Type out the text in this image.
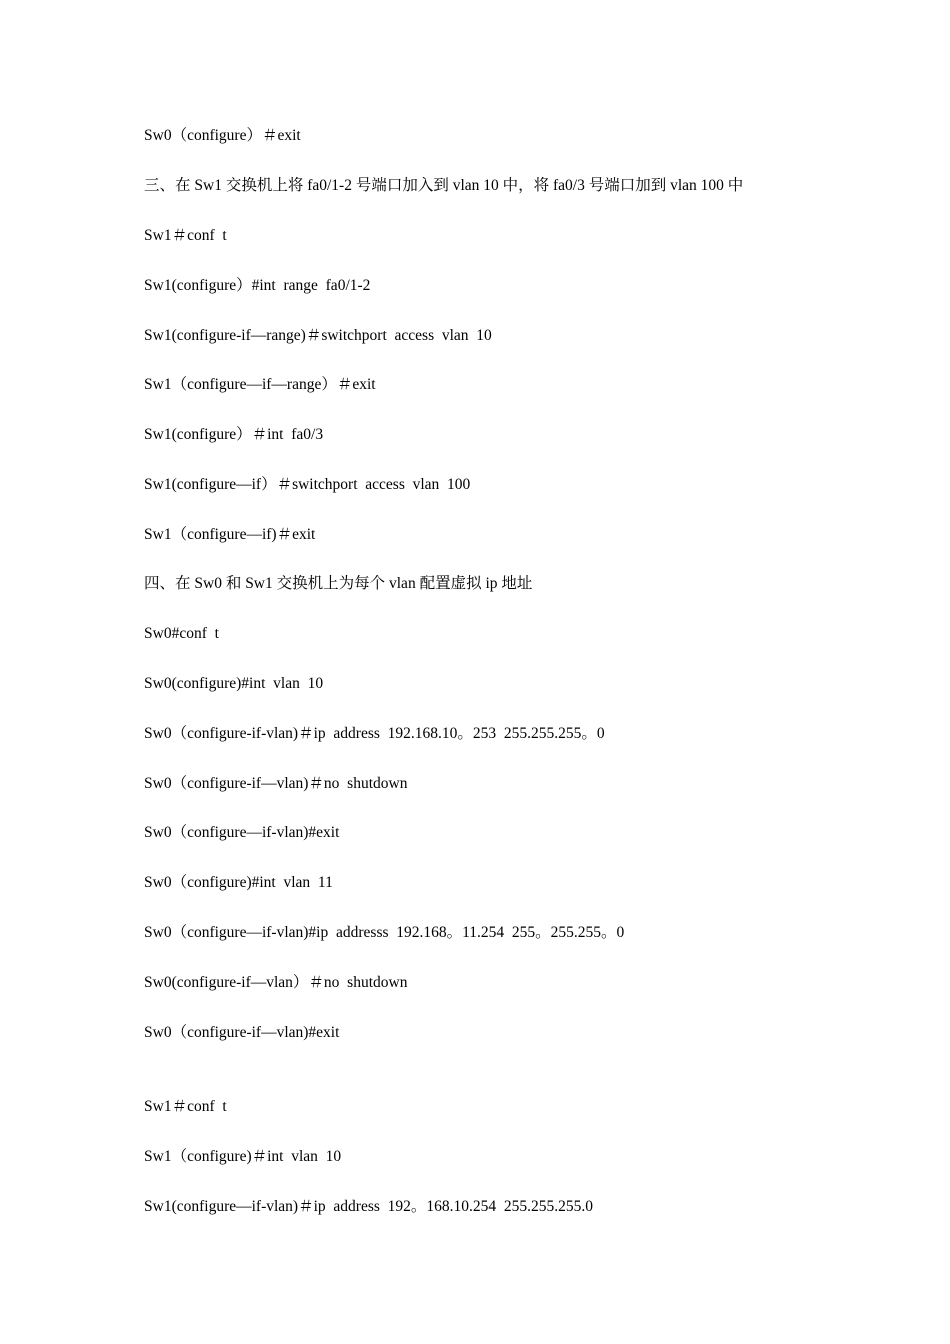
Sw0（configure）＃exit
三、在 Sw1 交换机上将 fa0/1-2 号端口加入到 vlan 10 中，将 fa0/3 号端口加到 vlan 100 中
Sw1＃conf  t
Sw1(configure）#int  range  fa0/1-2
Sw1(configure-if—range)＃switchport  access  vlan  10
Sw1（configure—if—range）＃exit
Sw1(configure）＃int  fa0/3
Sw1(configure—if）＃switchport  access  vlan  100
Sw1（configure—if)＃exit
四、在 Sw0 和 Sw1 交换机上为每个 vlan 配置虚拟 ip 地址
Sw0#conf  t
Sw0(configure)#int  vlan  10
Sw0（configure-if-vlan)＃ip  address  192.168.10。253  255.255.255。0
Sw0（configure-if—vlan)＃no  shutdown
Sw0（configure—if-vlan)#exit
Sw0（configure)#int  vlan  11
Sw0（configure—if-vlan)#ip  addresss  192.168。11.254  255。255.255。0
Sw0(configure-if—vlan）＃no  shutdown
Sw0（configure-if—vlan)#exit
Sw1＃conf  t
Sw1（configure)＃int  vlan  10
Sw1(configure—if-vlan)＃ip  address  192。168.10.254  255.255.255.0
